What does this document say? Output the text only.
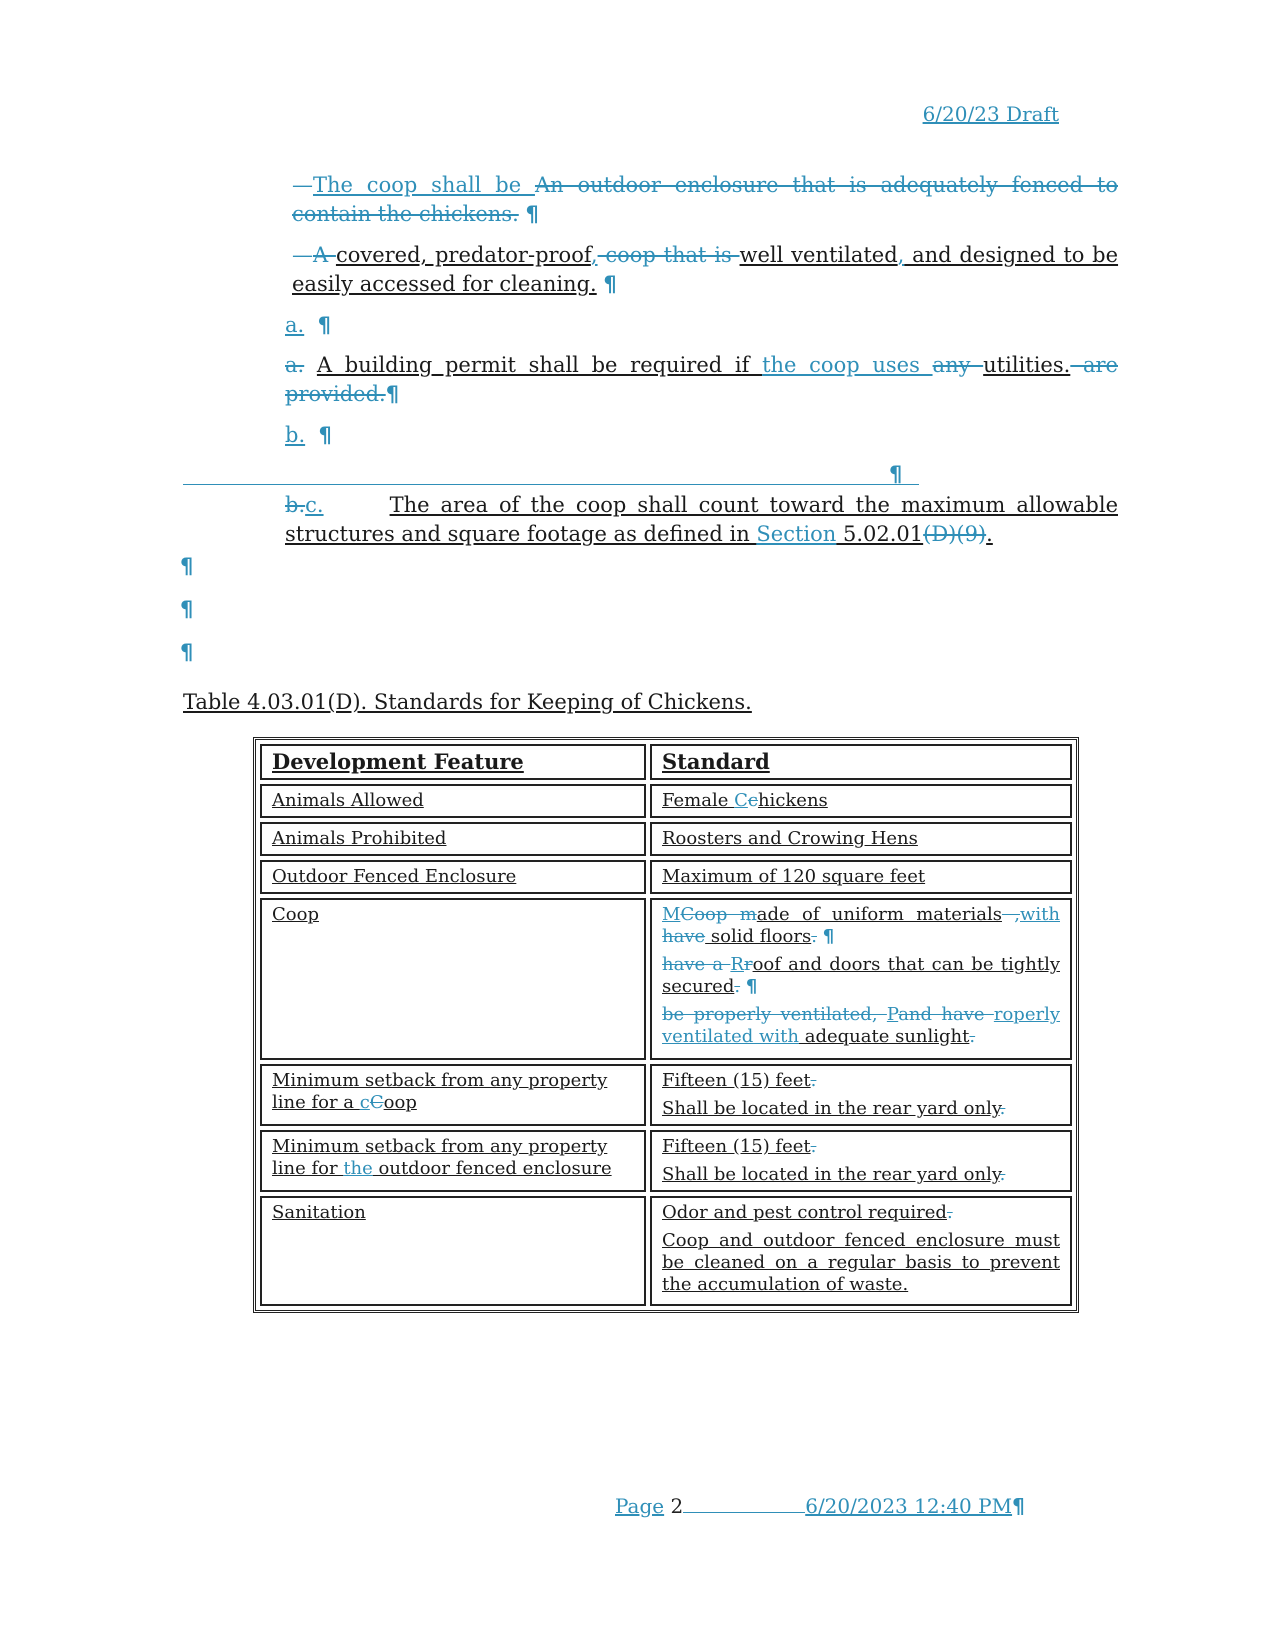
6/20/23 Draft
—The coop shall be An outdoor enclosure that is adequately fenced to contain the chickens. ¶
—A covered, predator-proof, coop that is well ventilated, and designed to be easily accessed for cleaning. ¶
a. ¶
a. A building permit shall be required if the coop uses any utilities. are provided.¶
b. ¶
¶
b.c.	The area of the coop shall count toward the maximum allowable structures and square footage as defined in Section 5.02.01(D)(9).
¶
¶
¶
Table 4.03.01(D). Standards for Keeping of Chickens.
Development Feature	Standard
Animals Allowed	Female Cchickens
Animals Prohibited	Roosters and Crowing Hens
Outdoor Fenced Enclosure	Maximum of 120 square feet
Coop	MCoop made of uniform materials ,with have solid floors. ¶
have a Rroof and doors that can be tightly secured. ¶
be properly ventilated, Pand have roperly ventilated with adequate sunlight.

Minimum setback from any property line for a cCoop	Fifteen (15) feet.
Shall be located in the rear yard only.

Minimum setback from any property line for the outdoor fenced enclosure	Fifteen (15) feet.
Shall be located in the rear yard only.

Sanitation	Odor and pest control required.
Coop and outdoor fenced enclosure must be cleaned on a regular basis to prevent the accumulation of waste.
Page 2	6/20/2023 12:40 PM¶
